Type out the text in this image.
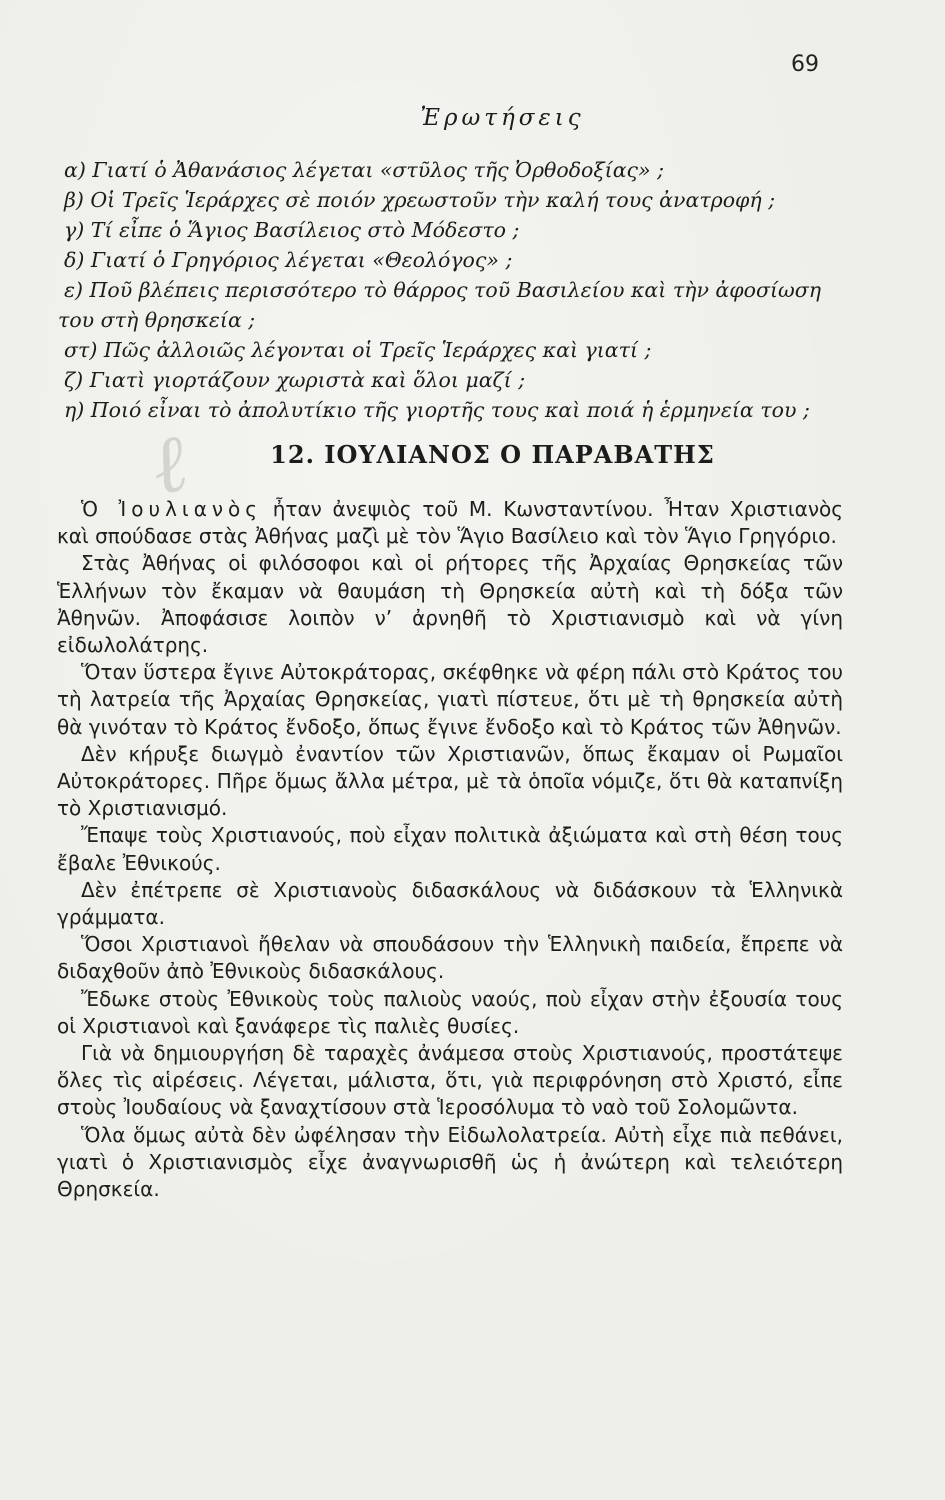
69
Ἐρωτήσεις

α) Γιατί ὁ Ἀθανάσιος λέγεται «στῦλος τῆς Ὀρθοδοξίας» ;

β) Οἱ Τρεῖς Ἱεράρχες σὲ ποιόν χρεωστοῦν τὴν καλή τους ἀνατροφή ;

γ) Τί εἶπε ὁ Ἅγιος Βασίλειος στὸ Μόδεστο ;

δ) Γιατί ὁ Γρηγόριος λέγεται «Θεολόγος» ;

ε) Ποῦ βλέπεις περισσότερο τὸ θάρρος τοῦ Βασιλείου καὶ τὴν ἀφοσίωση του στὴ θρησκεία ;

στ) Πῶς ἀλλοιῶς λέγονται οἱ Τρεῖς Ἱεράρχες καὶ γιατί ;

ζ) Γιατὶ γιορτάζουν χωριστὰ καὶ ὅλοι μαζί ;

η) Ποιό εἶναι τὸ ἀπολυτίκιο τῆς γιορτῆς τους καὶ ποιά ἡ ἑρμηνεία του ;

ℓ	12. ΙΟΥΛΙΑΝΟΣ Ο ΠΑΡΑΒΑΤΗΣ

Ὁ Ἰουλιανὸς ἦταν ἀνεψιὸς τοῦ Μ. Κωνσταντίνου. Ἦταν Χριστιανὸς καὶ σπούδασε στὰς Ἀθήνας μαζὶ μὲ τὸν Ἅγιο Βασίλειο καὶ τὸν Ἅγιο Γρηγόριο.

Στὰς Ἀθήνας οἱ φιλόσοφοι καὶ οἱ ρήτορες τῆς Ἀρχαίας Θρησκείας τῶν Ἑλλήνων τὸν ἔκαμαν νὰ θαυμάση τὴ Θρησκεία αὐτὴ καὶ τὴ δόξα τῶν Ἀθηνῶν. Ἀποφάσισε λοιπὸν ν’ ἀρνηθῆ τὸ Χριστιανισμὸ καὶ νὰ γίνη εἰδωλολάτρης.

Ὅταν ὕστερα ἔγινε Αὐτοκράτορας, σκέφθηκε νὰ φέρη πάλι στὸ Κράτος του τὴ λατρεία τῆς Ἀρχαίας Θρησκείας, γιατὶ πίστευε, ὅτι μὲ τὴ θρησκεία αὐτὴ θὰ γινόταν τὸ Κράτος ἔνδοξο, ὅπως ἔγινε ἔνδοξο καὶ τὸ Κράτος τῶν Ἀθηνῶν.

Δὲν κήρυξε διωγμὸ ἐναντίον τῶν Χριστιανῶν, ὅπως ἔκαμαν οἱ Ρωμαῖοι Αὐτοκράτορες. Πῆρε ὅμως ἄλλα μέτρα, μὲ τὰ ὁποῖα νόμιζε, ὅτι θὰ καταπνίξη τὸ Χριστιανισμό.

Ἔπαψε τοὺς Χριστιανούς, ποὺ εἶχαν πολιτικὰ ἀξιώματα καὶ στὴ θέση τους ἔβαλε Ἐθνικούς.

Δὲν ἐπέτρεπε σὲ Χριστιανοὺς διδασκάλους νὰ διδάσκουν τὰ Ἑλληνικὰ γράμματα.

Ὅσοι Χριστιανοὶ ἤθελαν νὰ σπουδάσουν τὴν Ἑλληνικὴ παιδεία, ἔπρεπε νὰ διδαχθοῦν ἀπὸ Ἐθνικοὺς διδασκάλους.

Ἔδωκε στοὺς Ἐθνικοὺς τοὺς παλιοὺς ναούς, ποὺ εἶχαν στὴν ἐξουσία τους οἱ Χριστιανοὶ καὶ ξανάφερε τὶς παλιὲς θυσίες.

Γιὰ νὰ δημιουργήση δὲ ταραχὲς ἀνάμεσα στοὺς Χριστιανούς, προστάτεψε ὅλες τὶς αἱρέσεις. Λέγεται, μάλιστα, ὅτι, γιὰ περιφρόνηση στὸ Χριστό, εἶπε στοὺς Ἰουδαίους νὰ ξαναχτίσουν στὰ Ἱεροσόλυμα τὸ ναὸ τοῦ Σολομῶντα.

Ὅλα ὅμως αὐτὰ δὲν ὠφέλησαν τὴν Εἰδωλολατρεία. Αὐτὴ εἶχε πιὰ πεθάνει, γιατὶ ὁ Χριστιανισμὸς εἶχε ἀναγνωρισθῆ ὡς ἡ ἀνώτερη καὶ τελειότερη Θρησκεία.
